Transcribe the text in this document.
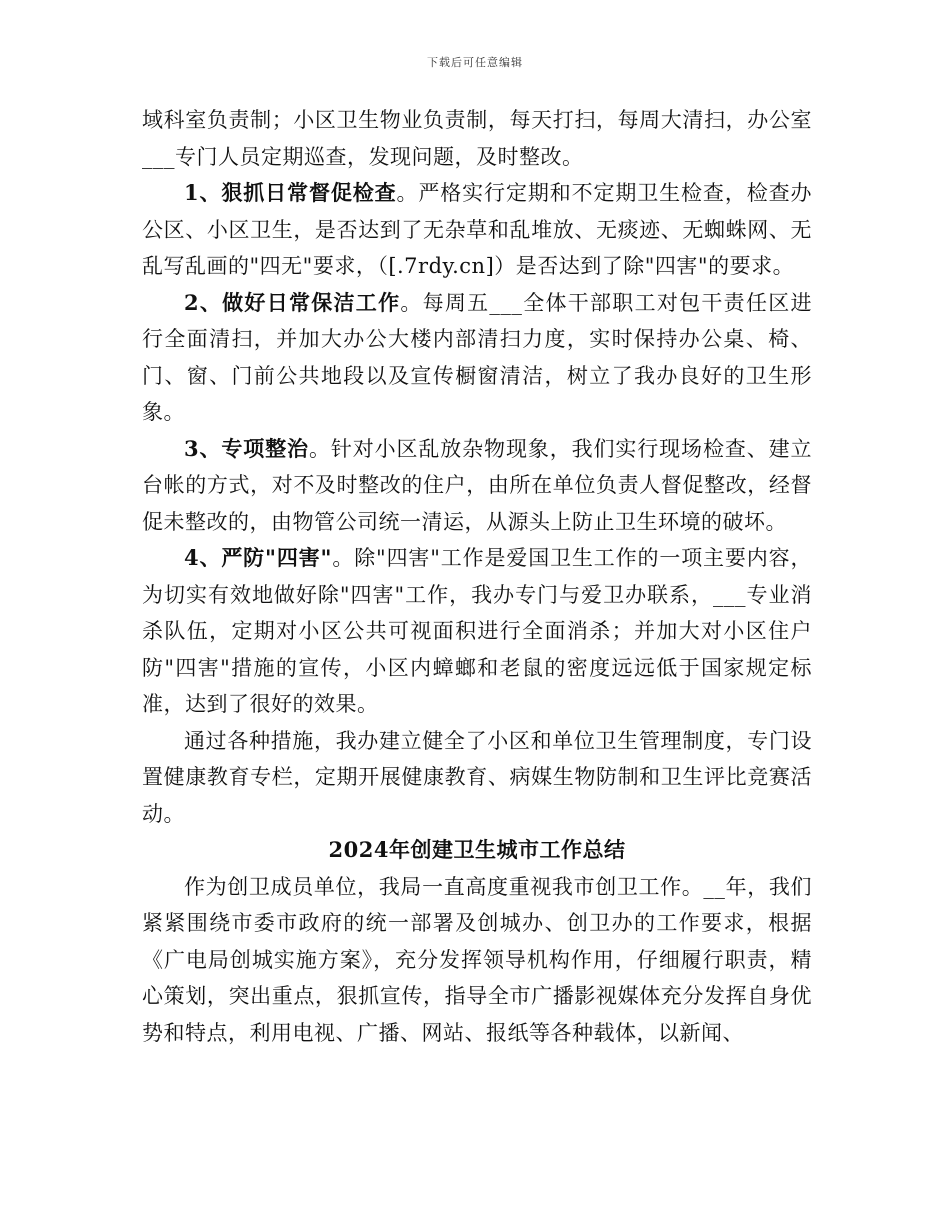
下载后可任意编辑

域科室负责制；小区卫生物业负责制，每天打扫，每周大清扫，办公室___专门人员定期巡查，发现问题，及时整改。

1、狠抓日常督促检查。严格实行定期和不定期卫生检查，检查办公区、小区卫生，是否达到了无杂草和乱堆放、无痰迹、无蜘蛛网、无乱写乱画的"四无"要求，（[.7rdy.cn]）是否达到了除"四害"的要求。

2、做好日常保洁工作。每周五___全体干部职工对包干责任区进行全面清扫，并加大办公大楼内部清扫力度，实时保持办公桌、椅、门、窗、门前公共地段以及宣传橱窗清洁，树立了我办良好的卫生形象。

3、专项整治。针对小区乱放杂物现象，我们实行现场检查、建立台帐的方式，对不及时整改的住户，由所在单位负责人督促整改，经督促未整改的，由物管公司统一清运，从源头上防止卫生环境的破坏。

4、严防"四害"。除"四害"工作是爱国卫生工作的一项主要内容，为切实有效地做好除"四害"工作，我办专门与爱卫办联系，___专业消杀队伍，定期对小区公共可视面积进行全面消杀；并加大对小区住户防"四害"措施的宣传，小区内蟑螂和老鼠的密度远远低于国家规定标准，达到了很好的效果。

通过各种措施，我办建立健全了小区和单位卫生管理制度，专门设置健康教育专栏，定期开展健康教育、病媒生物防制和卫生评比竞赛活动。

2024年创建卫生城市工作总结

作为创卫成员单位，我局一直高度重视我市创卫工作。__年，我们紧紧围绕市委市政府的统一部署及创城办、创卫办的工作要求，根据《广电局创城实施方案》，充分发挥领导机构作用，仔细履行职责，精心策划，突出重点，狠抓宣传，指导全市广播影视媒体充分发挥自身优势和特点，利用电视、广播、网站、报纸等各种载体，以新闻、
